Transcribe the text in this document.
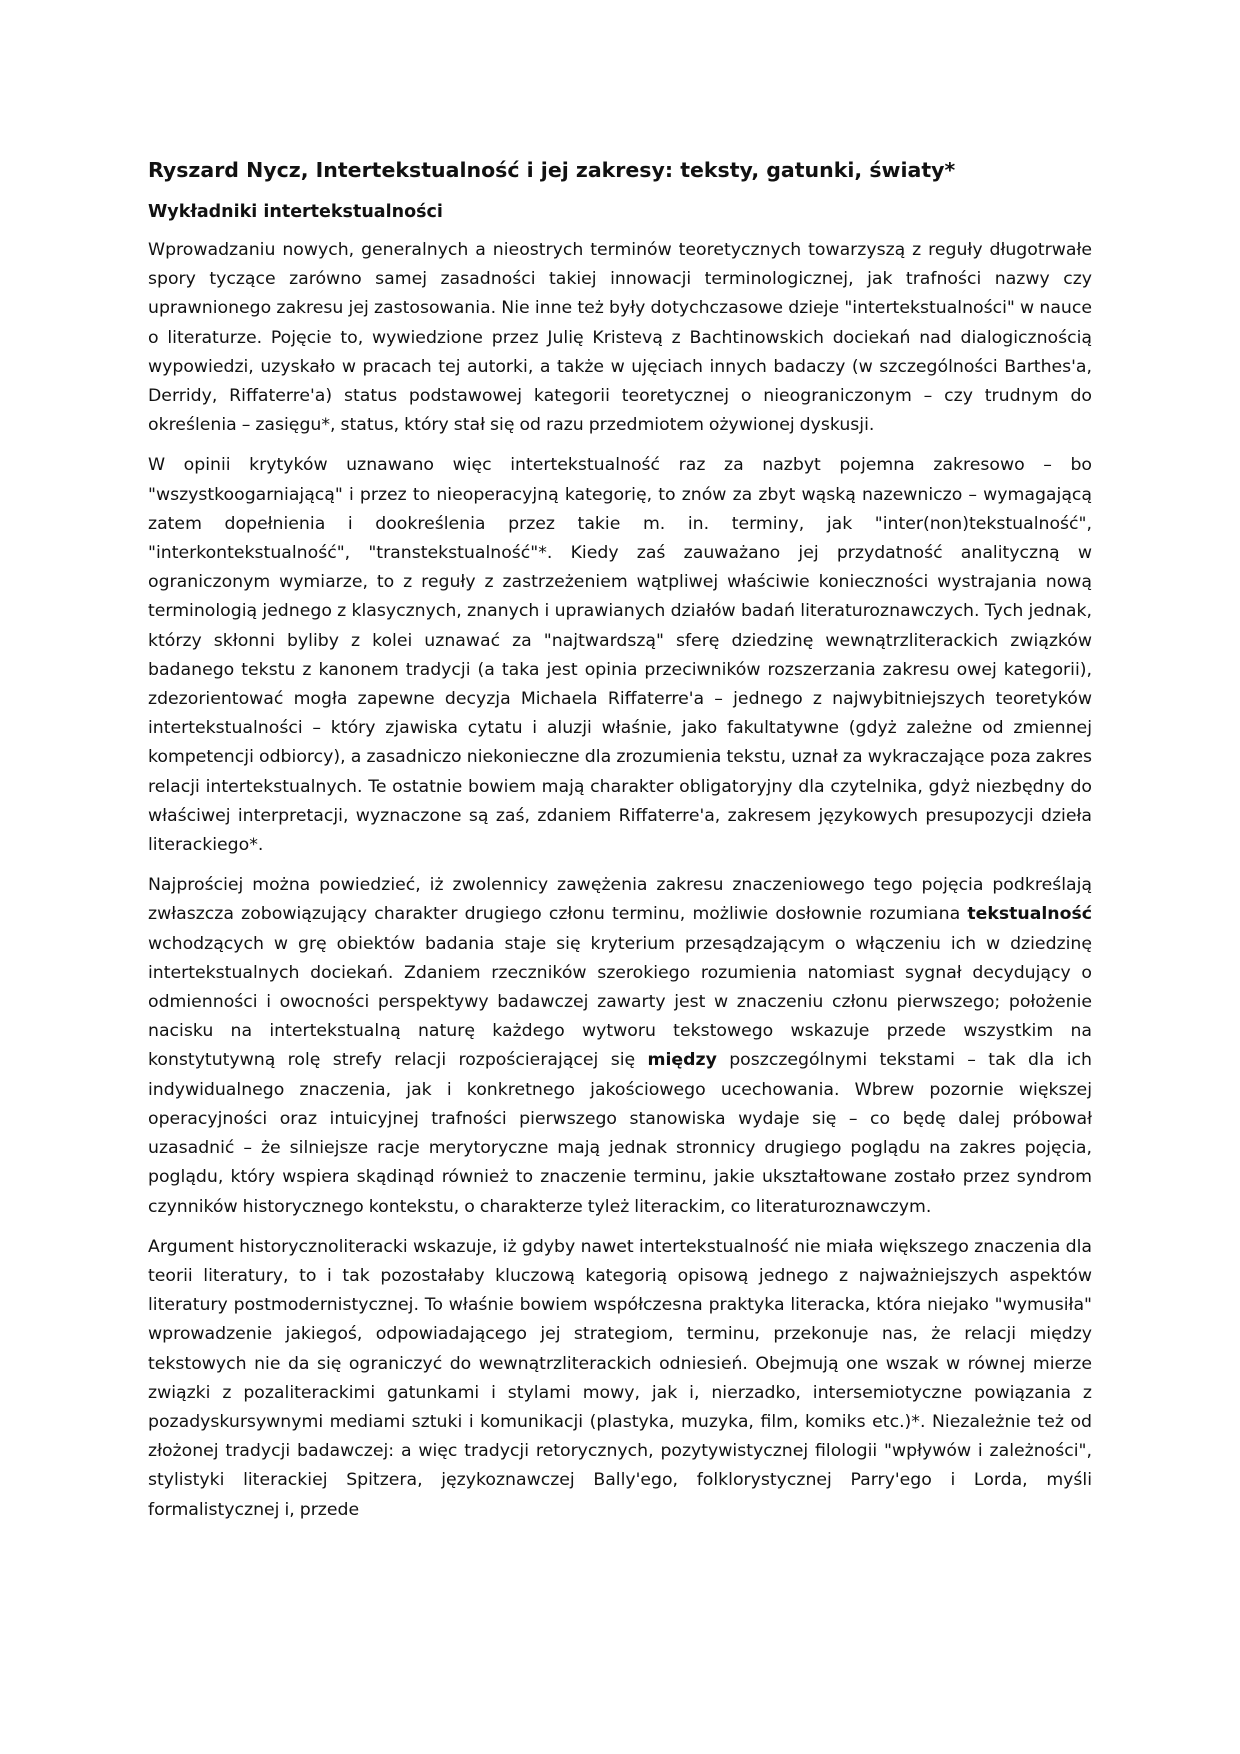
Ryszard Nycz, Intertekstualność i jej zakresy: teksty, gatunki, światy*
Wykładniki intertekstualności

Wprowadzaniu nowych, generalnych a nieostrych terminów teoretycznych towarzyszą z reguły długotrwałe spory tyczące zarówno samej zasadności takiej innowacji terminologicznej, jak trafności nazwy czy uprawnionego zakresu jej zastosowania. Nie inne też były dotychczasowe dzieje "intertekstualności" w nauce o literaturze. Pojęcie to, wywiedzione przez Julię Kristevą z Bachtinowskich dociekań nad dialogicznością wypowiedzi, uzyskało w pracach tej autorki, a także w ujęciach innych badaczy (w szczególności Barthes'a, Derridy, Riffaterre'a) status podstawowej kategorii teoretycznej o nieograniczonym – czy trudnym do określenia – zasięgu*, status, który stał się od razu przedmiotem ożywionej dyskusji.

W opinii krytyków uznawano więc intertekstualność raz za nazbyt pojemna zakresowo – bo "wszystkoogarniającą" i przez to nieoperacyjną kategorię, to znów za zbyt wąską nazewniczo – wymagającą zatem dopełnienia i dookreślenia przez takie m. in. terminy, jak "inter(non)tekstualność", "interkontekstualność", "transtekstualność"*. Kiedy zaś zauważano jej przydatność analityczną w ograniczonym wymiarze, to z reguły z zastrzeżeniem wątpliwej właściwie konieczności wystrajania nową terminologią jednego z klasycznych, znanych i uprawianych działów badań literaturoznawczych. Tych jednak, którzy skłonni byliby z kolei uznawać za "najtwardszą" sferę dziedzinę wewnątrzliterackich związków badanego tekstu z kanonem tradycji (a taka jest opinia przeciwników rozszerzania zakresu owej kategorii), zdezorientować mogła zapewne decyzja Michaela Riffaterre'a – jednego z najwybitniejszych teoretyków intertekstualności – który zjawiska cytatu i aluzji właśnie, jako fakultatywne (gdyż zależne od zmiennej kompetencji odbiorcy), a zasadniczo niekonieczne dla zrozumienia tekstu, uznał za wykraczające poza zakres relacji intertekstualnych. Te ostatnie bowiem mają charakter obligatoryjny dla czytelnika, gdyż niezbędny do właściwej interpretacji, wyznaczone są zaś, zdaniem Riffaterre'a, zakresem językowych presupozycji dzieła literackiego*.

Najprościej można powiedzieć, iż zwolennicy zawężenia zakresu znaczeniowego tego pojęcia podkreślają zwłaszcza zobowiązujący charakter drugiego członu terminu, możliwie dosłownie rozumiana tekstualność wchodzących w grę obiektów badania staje się kryterium przesądzającym o włączeniu ich w dziedzinę intertekstualnych dociekań. Zdaniem rzeczników szerokiego rozumienia natomiast sygnał decydujący o odmienności i owocności perspektywy badawczej zawarty jest w znaczeniu członu pierwszego; położenie nacisku na intertekstualną naturę każdego wytworu tekstowego wskazuje przede wszystkim na konstytutywną rolę strefy relacji rozpościerającej się między poszczególnymi tekstami – tak dla ich indywidualnego znaczenia, jak i konkretnego jakościowego ucechowania. Wbrew pozornie większej operacyjności oraz intuicyjnej trafności pierwszego stanowiska wydaje się – co będę dalej próbował uzasadnić – że silniejsze racje merytoryczne mają jednak stronnicy drugiego poglądu na zakres pojęcia, poglądu, który wspiera skądinąd również to znaczenie terminu, jakie ukształtowane zostało przez syndrom czynników historycznego kontekstu, o charakterze tyleż literackim, co literaturoznawczym.

Argument historycznoliteracki wskazuje, iż gdyby nawet intertekstualność nie miała większego znaczenia dla teorii literatury, to i tak pozostałaby kluczową kategorią opisową jednego z najważniejszych aspektów literatury postmodernistycznej. To właśnie bowiem współczesna praktyka literacka, która niejako "wymusiła" wprowadzenie jakiegoś, odpowiadającego jej strategiom, terminu, przekonuje nas, że relacji między tekstowych nie da się ograniczyć do wewnątrzliterackich odniesień. Obejmują one wszak w równej mierze związki z pozaliterackimi gatunkami i stylami mowy, jak i, nierzadko, intersemiotyczne powiązania z pozadyskursywnymi mediami sztuki i komunikacji (plastyka, muzyka, film, komiks etc.)*. Niezależnie też od złożonej tradycji badawczej: a więc tradycji retorycznych, pozytywistycznej filologii "wpływów i zależności", stylistyki literackiej Spitzera, językoznawczej Bally'ego, folklorystycznej Parry'ego i Lorda, myśli formalistycznej i, przede
